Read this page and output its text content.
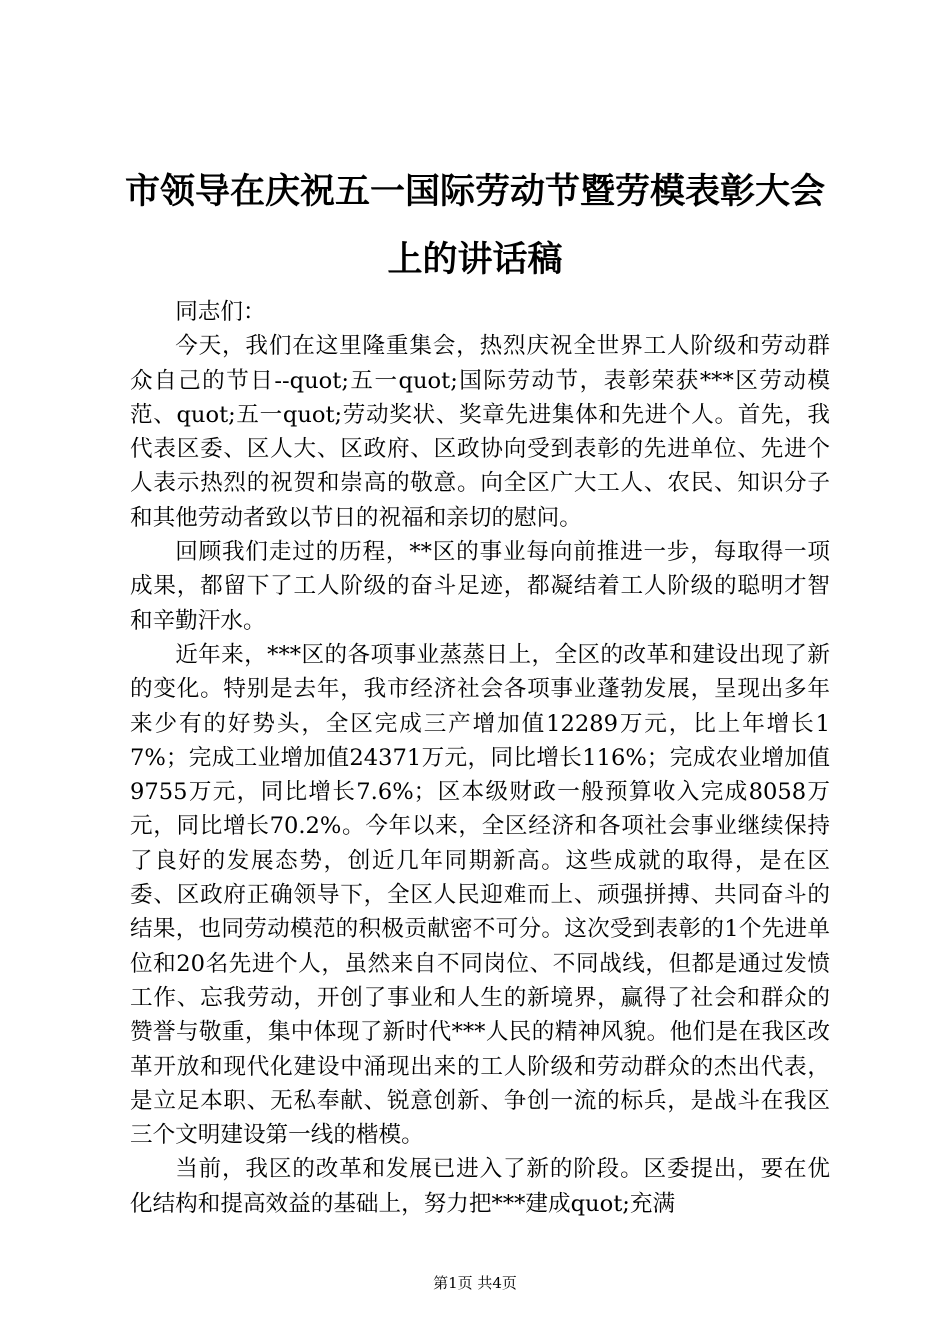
市领导在庆祝五一国际劳动节暨劳模表彰大会
上的讲话稿

同志们：

今天，我们在这里隆重集会，热烈庆祝全世界工人阶级和劳动群众自己的节日--quot;五一quot;国际劳动节，表彰荣获***区劳动模范、quot;五一quot;劳动奖状、奖章先进集体和先进个人。首先，我代表区委、区人大、区政府、区政协向受到表彰的先进单位、先进个人表示热烈的祝贺和崇高的敬意。向全区广大工人、农民、知识分子和其他劳动者致以节日的祝福和亲切的慰问。

回顾我们走过的历程，**区的事业每向前推进一步，每取得一项成果，都留下了工人阶级的奋斗足迹，都凝结着工人阶级的聪明才智和辛勤汗水。

近年来，***区的各项事业蒸蒸日上，全区的改革和建设出现了新的变化。特别是去年，我市经济社会各项事业蓬勃发展，呈现出多年来少有的好势头，全区完成三产增加值12289万元，比上年增长17%；完成工业增加值24371万元，同比增长116%；完成农业增加值9755万元，同比增长7.6%；区本级财政一般预算收入完成8058万元，同比增长70.2%。今年以来，全区经济和各项社会事业继续保持了良好的发展态势，创近几年同期新高。这些成就的取得，是在区委、区政府正确领导下，全区人民迎难而上、顽强拼搏、共同奋斗的结果，也同劳动模范的积极贡献密不可分。这次受到表彰的1个先进单位和20名先进个人，虽然来自不同岗位、不同战线，但都是通过发愤工作、忘我劳动，开创了事业和人生的新境界，赢得了社会和群众的赞誉与敬重，集中体现了新时代***人民的精神风貌。他们是在我区改革开放和现代化建设中涌现出来的工人阶级和劳动群众的杰出代表，是立足本职、无私奉献、锐意创新、争创一流的标兵，是战斗在我区三个文明建设第一线的楷模。

当前，我区的改革和发展已进入了新的阶段。区委提出，要在优化结构和提高效益的基础上，努力把***建成quot;充满

第1页 共4页
